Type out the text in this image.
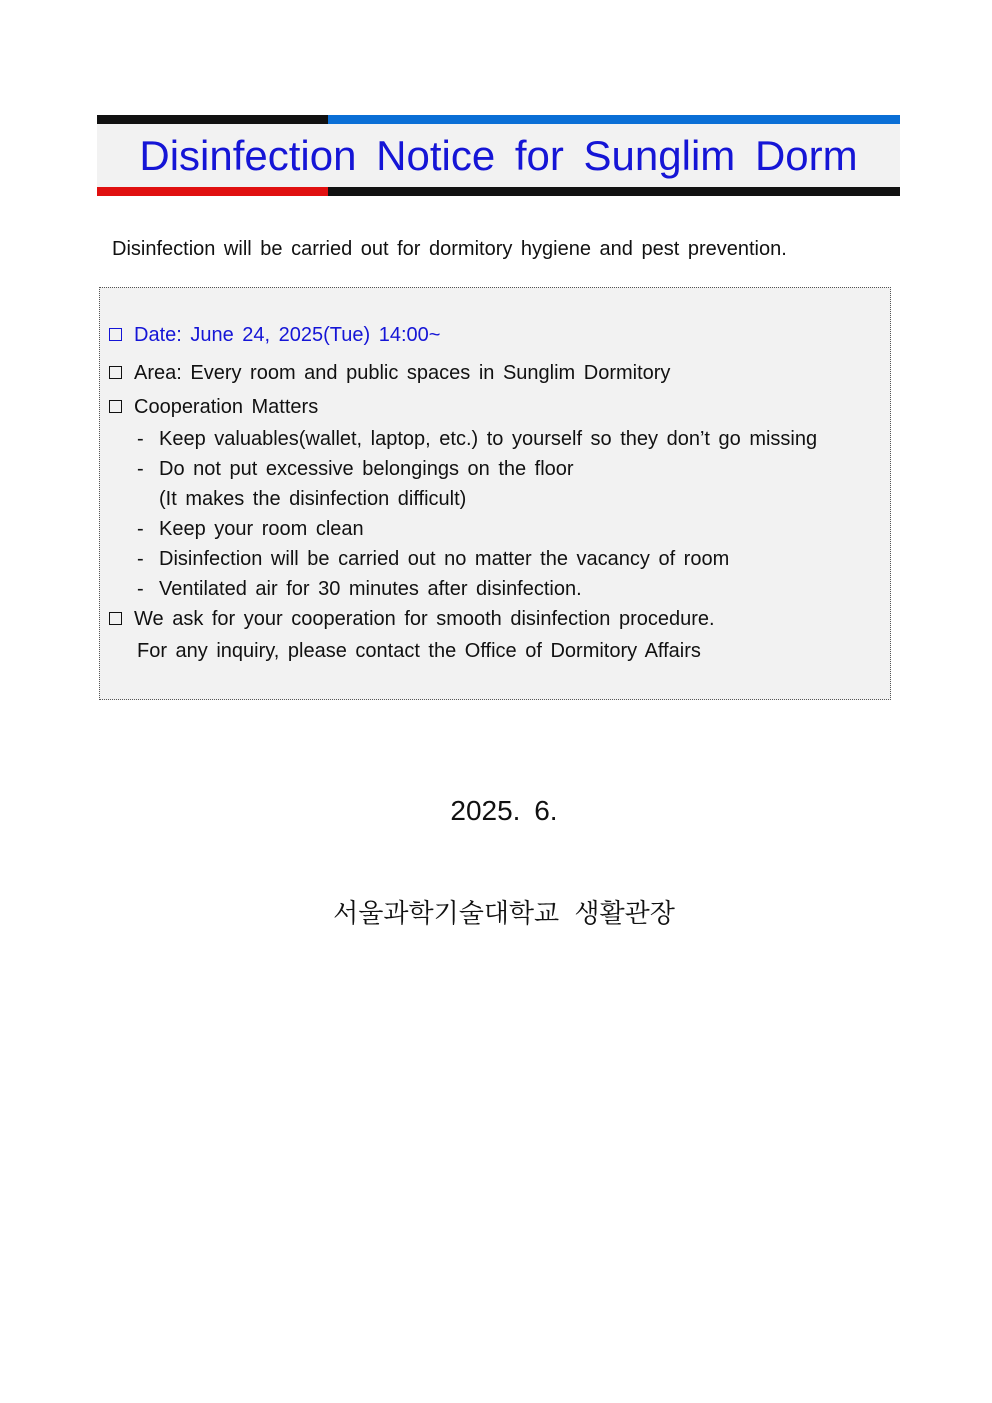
Disinfection Notice for Sunglim Dorm
Disinfection will be carried out for dormitory hygiene and pest prevention.
Date: June 24, 2025(Tue) 14:00~
Area: Every room and public spaces in Sunglim Dormitory
Cooperation Matters
- Keep valuables(wallet, laptop, etc.) to yourself so they don’t go missing
- Do not put excessive belongings on the floor
(It makes the disinfection difficult)
- Keep your room clean
- Disinfection will be carried out no matter the vacancy of room
- Ventilated air for 30 minutes after disinfection.
We ask for your cooperation for smooth disinfection procedure.
For any inquiry, please contact the Office of Dormitory Affairs
2025. 6.
서울과학기술대학교 생활관장
